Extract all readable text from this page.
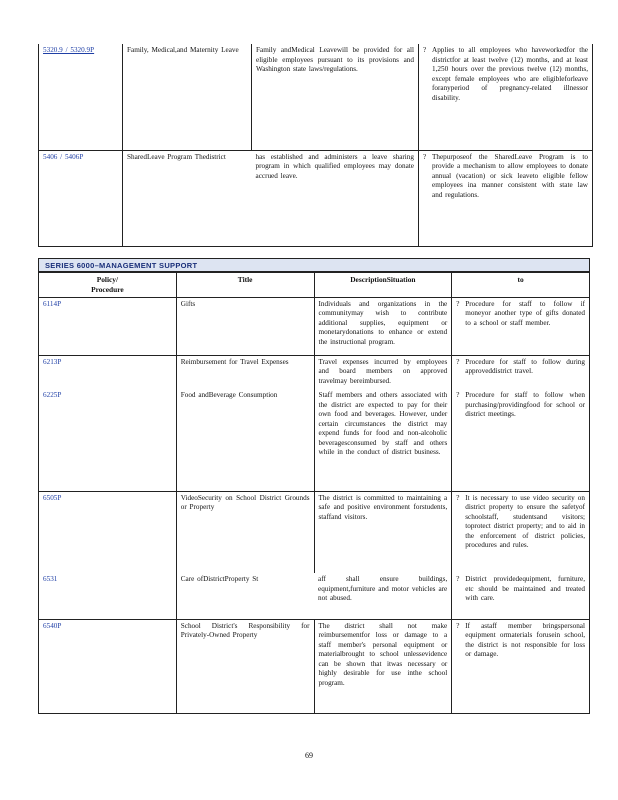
5320.9 / 5320.9P	Family, Medical,and Maternity Leave	Family andMedical Leavewill be provided for all eligible employees pursuant to its provisions and Washington state laws/regulations.	? Applies to all employees who haveworkedfor the districtfor at least twelve (12) months, and at least 1,250 hours over the previous twelve (12) months, except female employees who are eligibleforleave foranyperiod of pregnancy-related illnessor disability.

5406 / 5406P	SharedLeave Program Thedistrict	has established and administers a leave sharing program in which qualified employees may donate accrued leave.	? Thepurposeof the SharedLeave Program is to provide a mechanism to allow employees to donate annual (vacation) or sick leaveto eligible fellow employees ina manner consistent with state law and regulations.
SERIES 6000–MANAGEMENT SUPPORT
Policy/
Procedure	Title	DescriptionSituation	to
6114P	Gifts	Individuals and organizations in the communitymay wish to contribute additional supplies, equipment or monetarydonations to enhance or extend the instructional program.	? Procedure for staff to follow if moneyor another type of gifts donated to a school or staff member.

6213P	Reimbursement for Travel Expenses	Travel expenses incurred by employees and board members on approved travelmay bereimbursed.	? Procedure for staff to follow during approveddistrict travel.

6225P	Food andBeverage Consumption	Staff members and others associated with the district are expected to pay for their own food and beverages. However, under certain circumstances the district may expend funds for food and non-alcoholic beveragesconsumed by staff and others while in the conduct of district business.	? Procedure for staff to follow when purchasing/providingfood for school or district meetings.

6505P	VideoSecurity on School District Grounds or Property	The district is committed to maintaining a safe and positive environment forstudents, staffand visitors.	? It is necessary to use video security on district property to ensure the safetyof schoolstaff, studentsand visitors; toprotect district property; and to aid in the enforcement of district policies, procedures and rules.

6531	Care ofDistrictProperty St	aff shall ensure buildings, equipment,furniture and motor vehicles are not abused.	? District providedequipment, furniture, etc should be maintained and treated with care.

6540P	School District's Responsibility for Privately-Owned Property	The district shall not make reimbursementfor loss or damage to a staff member's personal equipment or materialbrought to school unlessevidence can be shown that itwas necessary or highly desirable for use inthe school program.	? If astaff member bringspersonal equipment ormaterials forusein school, the district is not responsible for loss or damage.
69
